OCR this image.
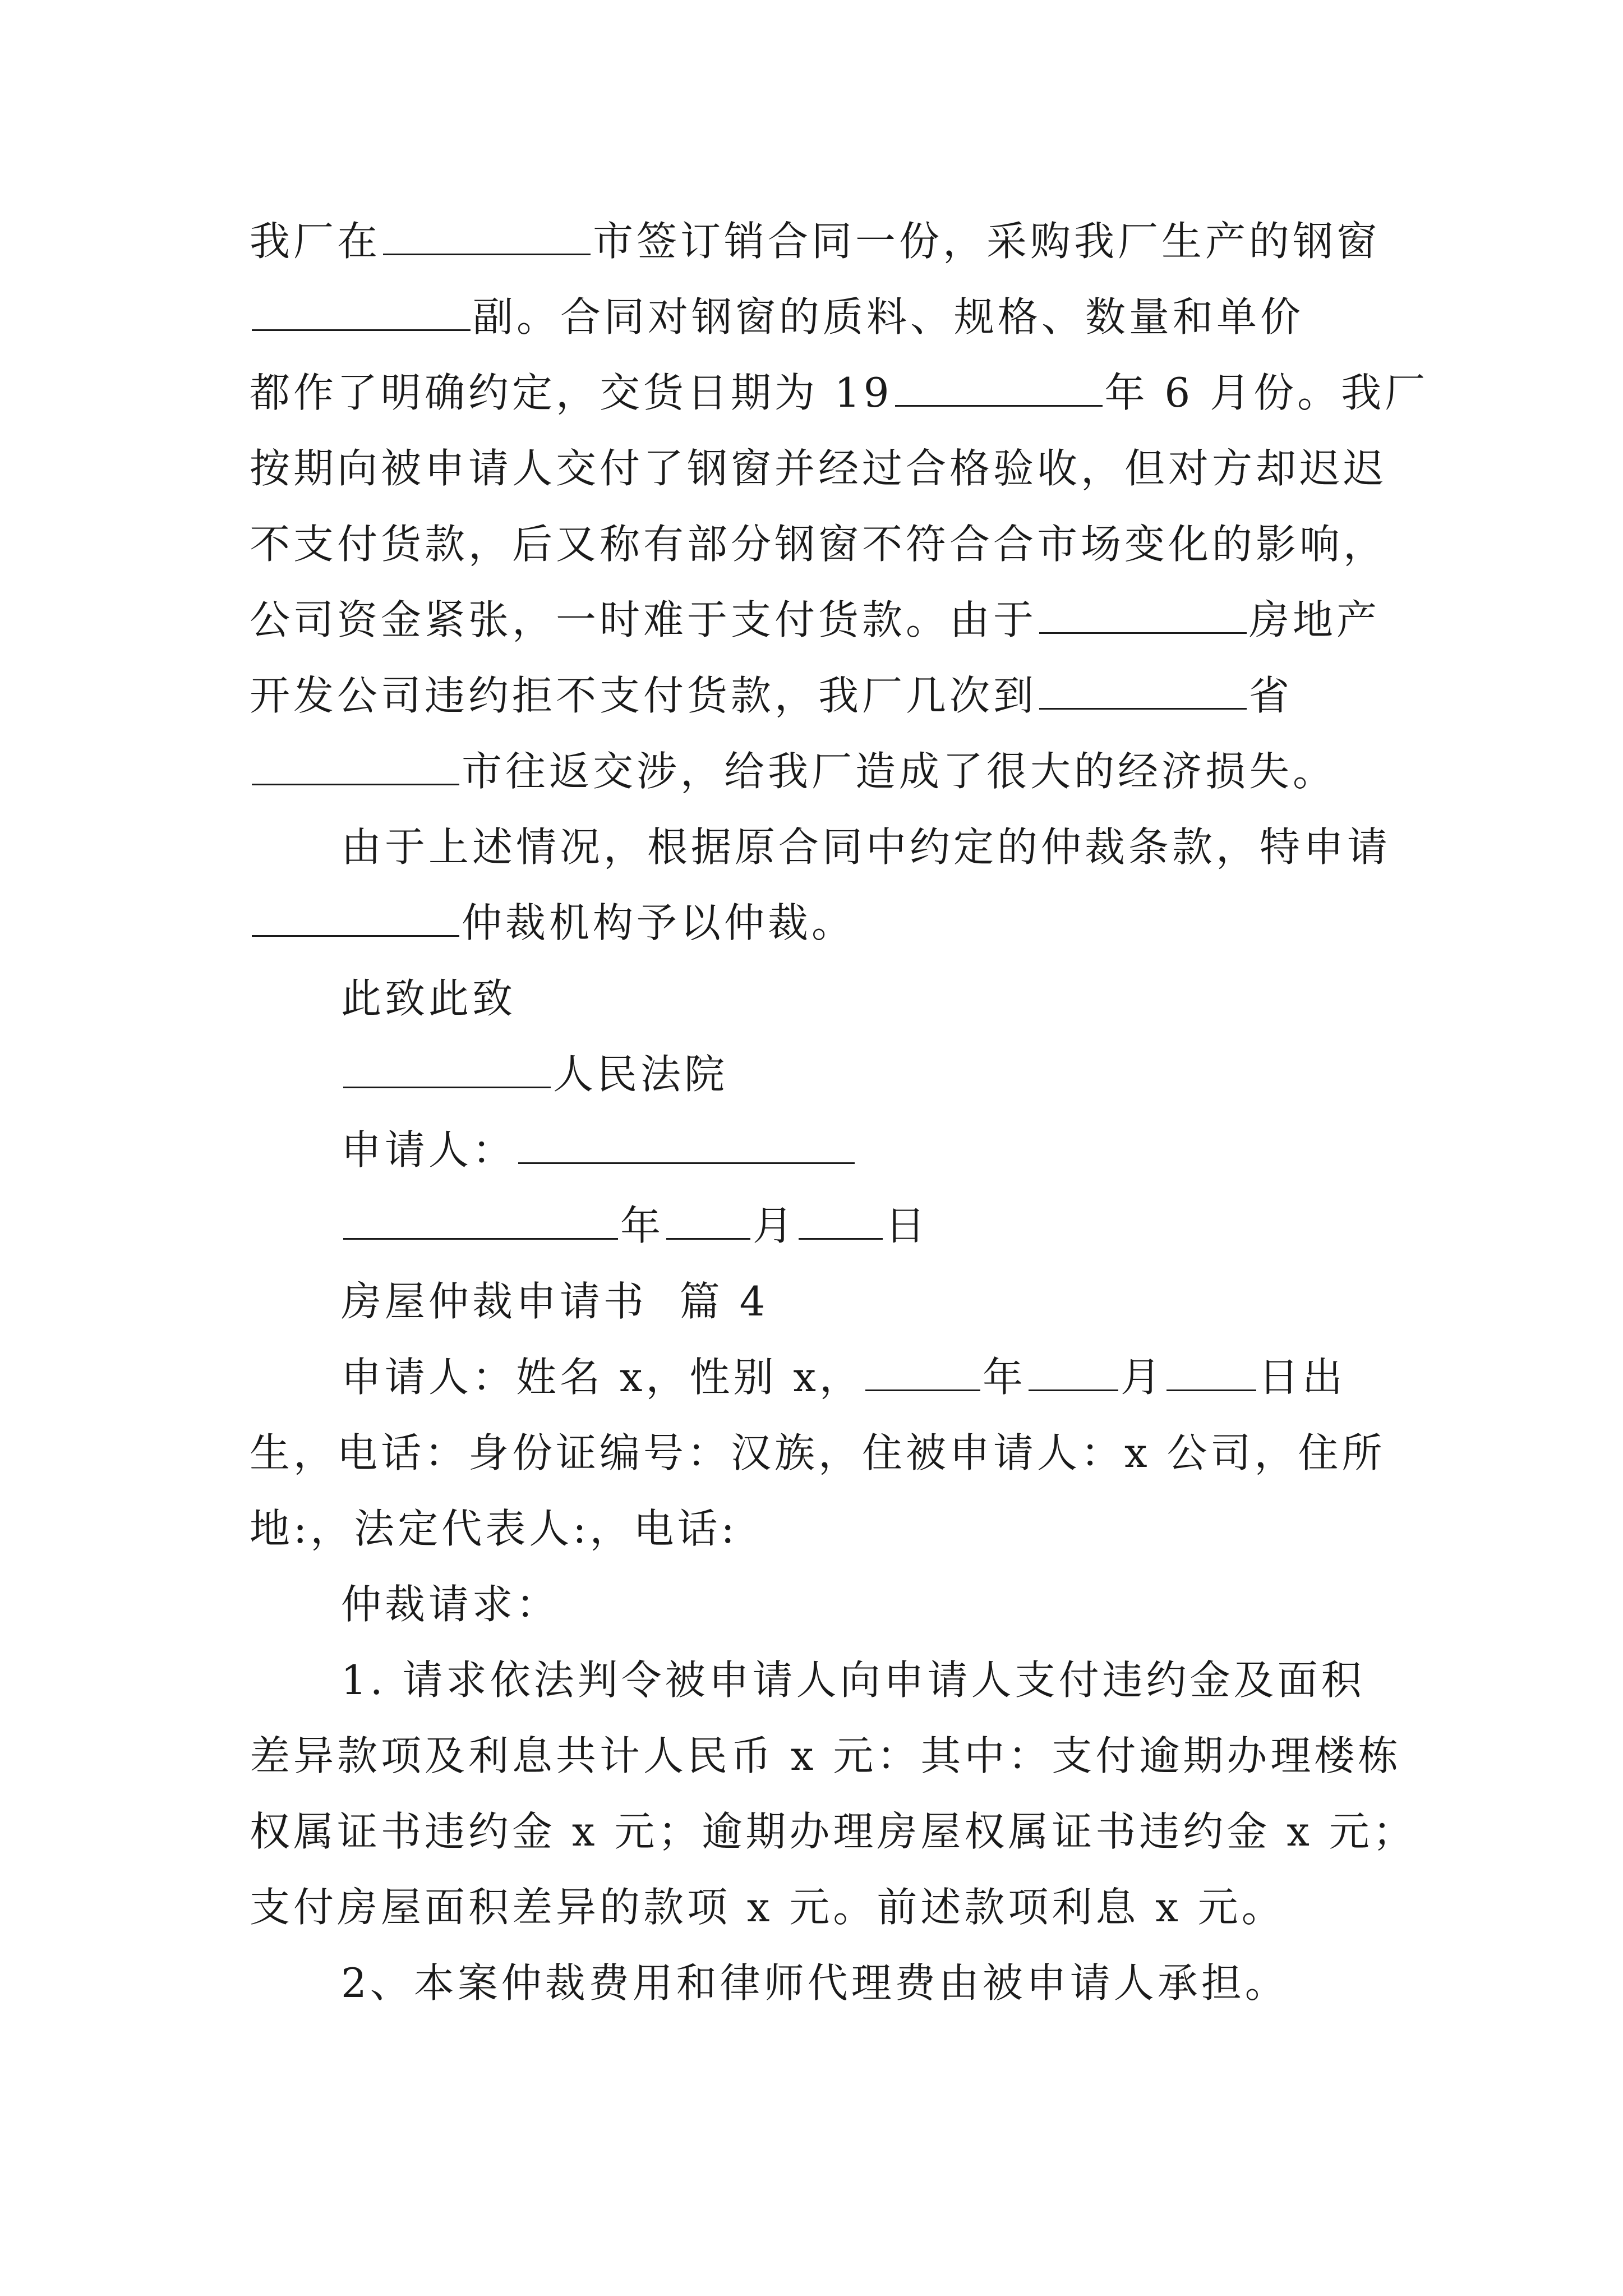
我厂在	市签订销合同一份，采购我厂生产的钢窗
副。合同对钢窗的质料、规格、数量和单价
都作了明确约定，交货日期为 19	年 6 月份。我厂
按期向被申请人交付了钢窗并经过合格验收，但对方却迟迟
不支付货款，后又称有部分钢窗不符合合市场变化的影响，
公司资金紧张，一时难于支付货款。由于	房地产
开发公司违约拒不支付货款，我厂几次到	省
市往返交涉，给我厂造成了很大的经济损失。
由于上述情况，根据原合同中约定的仲裁条款，特申请
仲裁机构予以仲裁。
此致此致
人民法院
申请人：
年 月 日
房屋仲裁申请书  篇 4
申请人：姓名 x，性别 x，	年 月 日出
生，电话：身份证编号：汉族，住被申请人：x 公司，住所
地:，法定代表人:，电话:
仲裁请求：
1. 请求依法判令被申请人向申请人支付违约金及面积
差异款项及利息共计人民币 x 元：其中：支付逾期办理楼栋
权属证书违约金 x 元；逾期办理房屋权属证书违约金 x 元；
支付房屋面积差异的款项 x 元。前述款项利息 x 元。
2、本案仲裁费用和律师代理费由被申请人承担。
